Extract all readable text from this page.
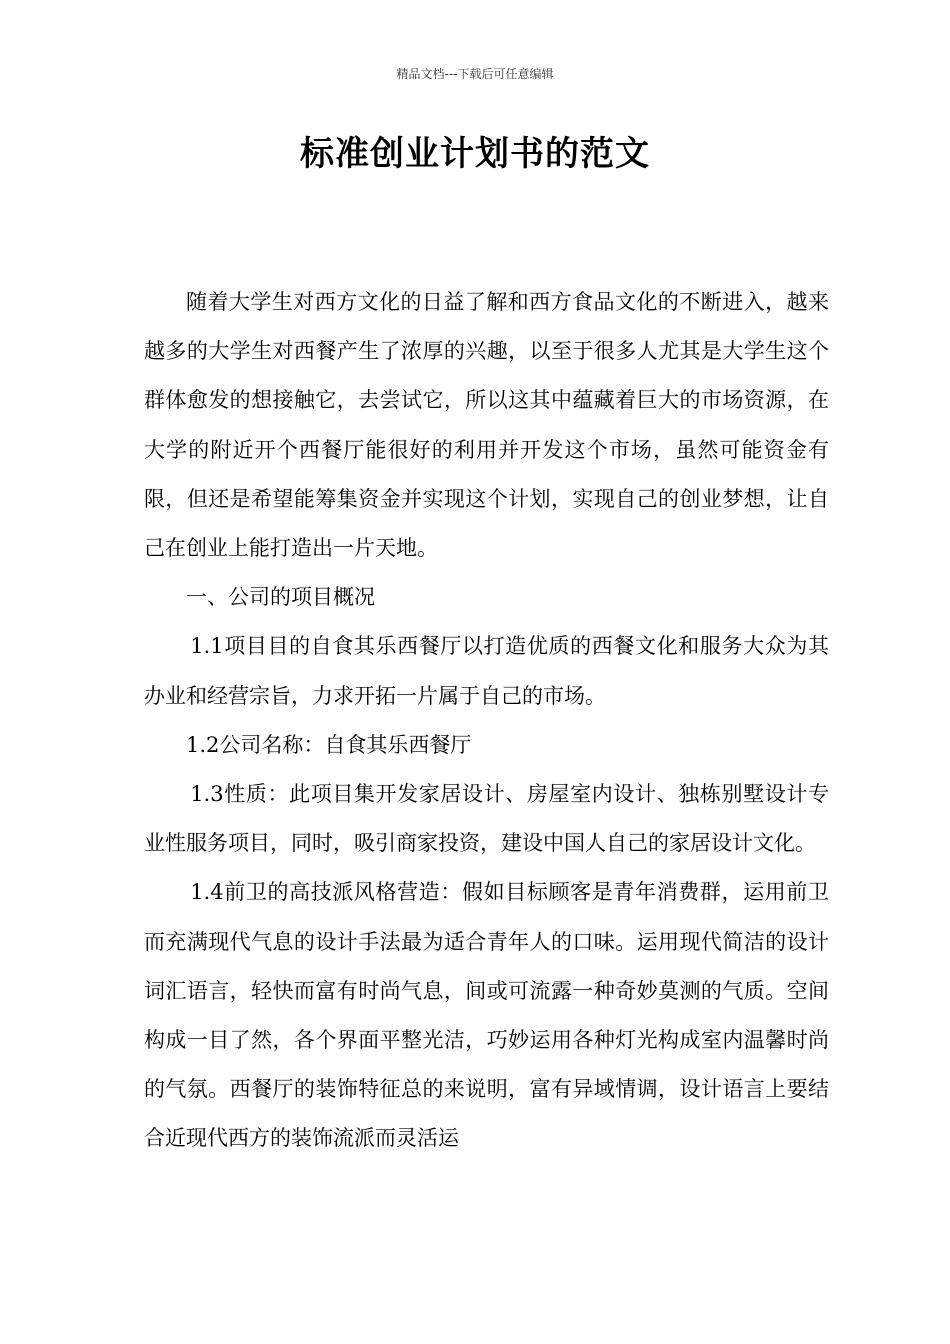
精品文档---下载后可任意编辑
标准创业计划书的范文

随着大学生对西方文化的日益了解和西方食品文化的不断进入，越来越多的大学生对西餐产生了浓厚的兴趣，以至于很多人尤其是大学生这个群体愈发的想接触它，去尝试它，所以这其中蕴藏着巨大的市场资源，在大学的附近开个西餐厅能很好的利用并开发这个市场，虽然可能资金有限，但还是希望能筹集资金并实现这个计划，实现自己的创业梦想，让自己在创业上能打造出一片天地。

一、公司的项目概况

1.1项目目的自食其乐西餐厅以打造优质的西餐文化和服务大众为其办业和经营宗旨，力求开拓一片属于自己的市场。

1.2公司名称：自食其乐西餐厅

1.3性质：此项目集开发家居设计、房屋室内设计、独栋别墅设计专业性服务项目，同时，吸引商家投资，建设中国人自己的家居设计文化。

1.4前卫的高技派风格营造：假如目标顾客是青年消费群，运用前卫而充满现代气息的设计手法最为适合青年人的口味。运用现代简洁的设计词汇语言，轻快而富有时尚气息，间或可流露一种奇妙莫测的气质。空间构成一目了然，各个界面平整光洁，巧妙运用各种灯光构成室内温馨时尚的气氛。西餐厅的装饰特征总的来说明，富有异域情调，设计语言上要结合近现代西方的装饰流派而灵活运
